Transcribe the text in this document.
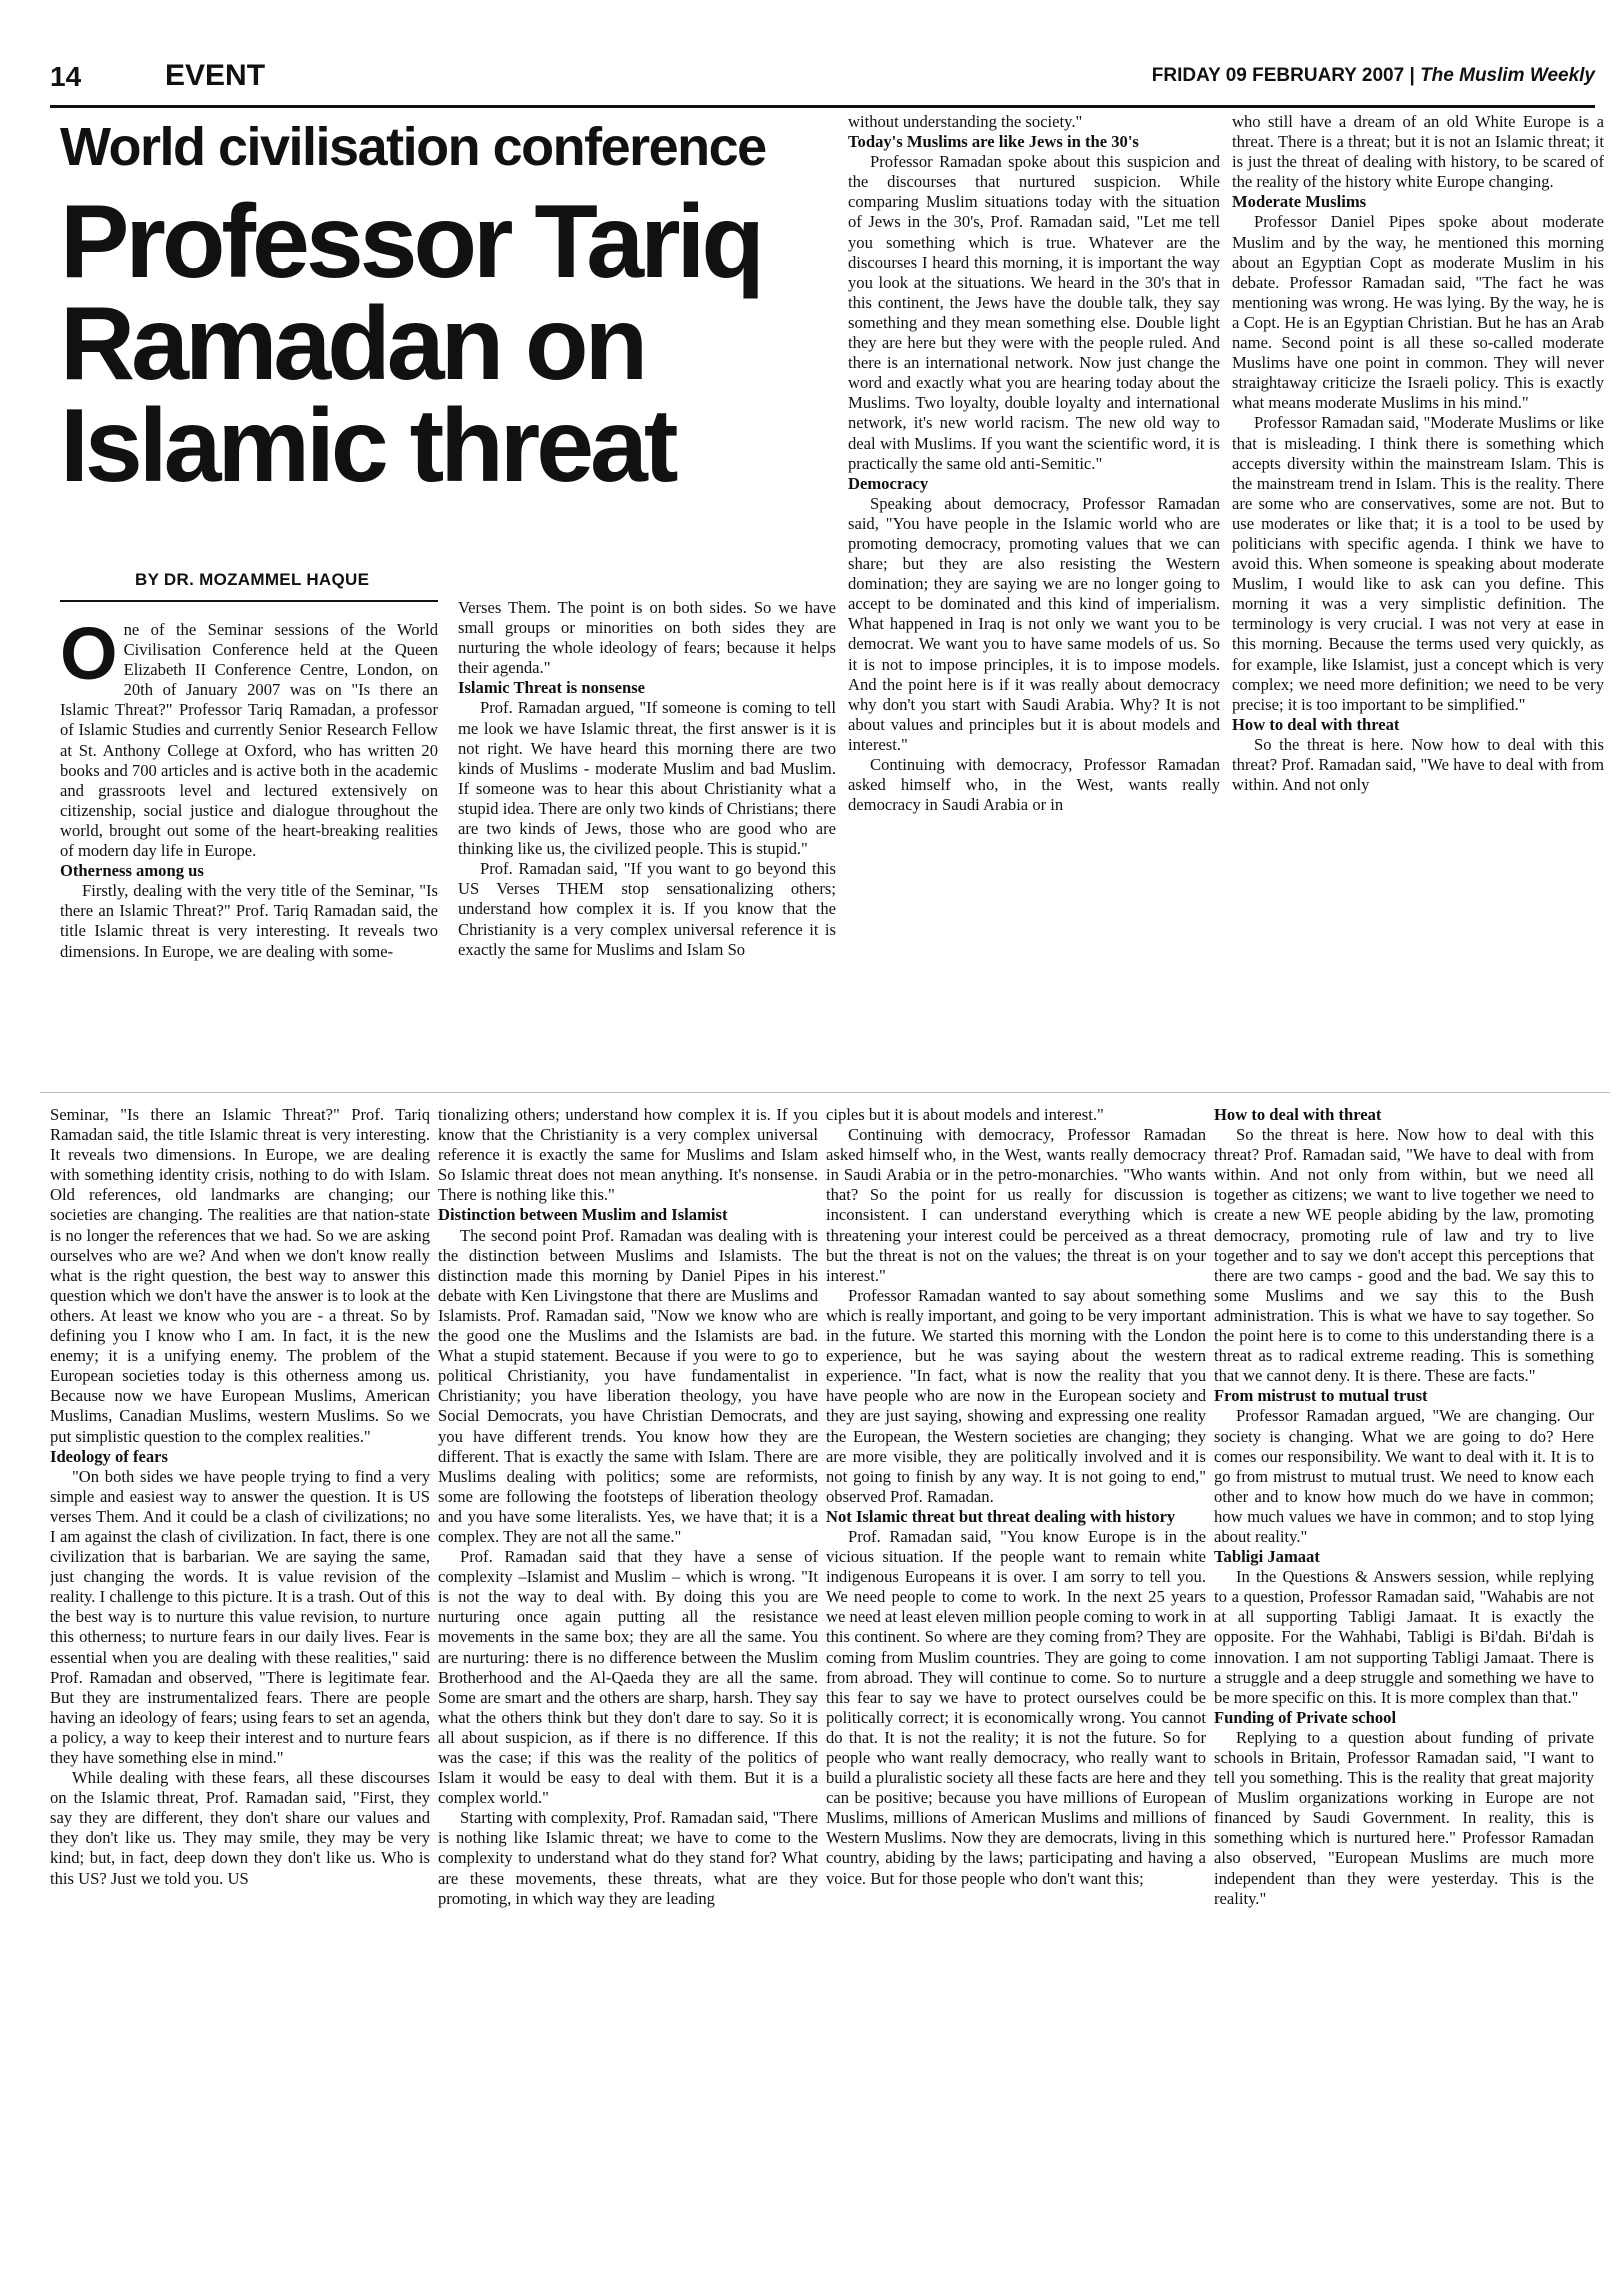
14	EVENT	FRIDAY 09 FEBRUARY 2007 | The Muslim Weekly
World civilisation conference
Professor Tariq Ramadan on Islamic threat
BY DR. MOZAMMEL HAQUE

One of the Seminar sessions of the World Civilisation Conference held at the Queen Elizabeth II Conference Centre, London, on 20th of January 2007 was on "Is there an Islamic Threat?" Professor Tariq Ramadan, a professor of Islamic Studies and currently Senior Research Fellow at St. Anthony College at Oxford, who has written 20 books and 700 articles and is active both in the academic and grassroots level and lectured extensively on citizenship, social justice and dialogue throughout the world, brought out some of the heart-breaking realities of modern day life in Europe.

Otherness among us

Firstly, dealing with the very title of the Seminar, "Is there an Islamic Threat?" Prof. Tariq Ramadan said, the title Islamic threat is very interesting. It reveals two dimensions. In Europe, we are dealing with some-

Verses Them. The point is on both sides. So we have small groups or minorities on both sides they are nurturing the whole ideology of fears; because it helps their agenda."

Islamic Threat is nonsense

Prof. Ramadan argued, "If someone is coming to tell me look we have Islamic threat, the first answer is it is not right. We have heard this morning there are two kinds of Muslims - moderate Muslim and bad Muslim. If someone was to hear this about Christianity what a stupid idea. There are only two kinds of Christians; there are two kinds of Jews, those who are good who are thinking like us, the civilized people. This is stupid."

Prof. Ramadan said, "If you want to go beyond this US Verses THEM stop sensationalizing others; understand how complex it is. If you know that the Christianity is a very complex universal reference it is exactly the same for Muslims and Islam So

without understanding the society."

Today's Muslims are like Jews in the 30's

Professor Ramadan spoke about this suspicion and the discourses that nurtured suspicion. While comparing Muslim situations today with the situation of Jews in the 30's, Prof. Ramadan said, "Let me tell you something which is true. Whatever are the discourses I heard this morning, it is important the way you look at the situations. We heard in the 30's that in this continent, the Jews have the double talk, they say something and they mean something else. Double light they are here but they were with the people ruled. And there is an international network. Now just change the word and exactly what you are hearing today about the Muslims. Two loyalty, double loyalty and international network, it's new world racism. The new old way to deal with Muslims. If you want the scientific word, it is practically the same old anti-Semitic."

Democracy

Speaking about democracy, Professor Ramadan said, "You have people in the Islamic world who are promoting democracy, promoting values that we can share; but they are also resisting the Western domination; they are saying we are no longer going to accept to be dominated and this kind of imperialism. What happened in Iraq is not only we want you to be democrat. We want you to have same models of us. So it is not to impose principles, it is to impose models. And the point here is if it was really about democracy why don't you start with Saudi Arabia. Why? It is not about values and principles but it is about models and interest."

Continuing with democracy, Professor Ramadan asked himself who, in the West, wants really democracy in Saudi Arabia or in

who still have a dream of an old White Europe is a threat. There is a threat; but it is not an Islamic threat; it is just the threat of dealing with history, to be scared of the reality of the history white Europe changing.

Moderate Muslims

Professor Daniel Pipes spoke about moderate Muslim and by the way, he mentioned this morning about an Egyptian Copt as moderate Muslim in his debate. Professor Ramadan said, "The fact he was mentioning was wrong. He was lying. By the way, he is a Copt. He is an Egyptian Christian. But he has an Arab name. Second point is all these so-called moderate Muslims have one point in common. They will never straightaway criticize the Israeli policy. This is exactly what means moderate Muslims in his mind."

Professor Ramadan said, "Moderate Muslims or like that is misleading. I think there is something which accepts diversity within the mainstream Islam. This is the mainstream trend in Islam. This is the reality. There are some who are conservatives, some are not. But to use moderates or like that; it is a tool to be used by politicians with specific agenda. I think we have to avoid this. When someone is speaking about moderate Muslim, I would like to ask can you define. This morning it was a very simplistic definition. The terminology is very crucial. I was not very at ease in this morning. Because the terms used very quickly, as for example, like Islamist, just a concept which is very complex; we need more definition; we need to be very precise; it is too important to be simplified."

How to deal with threat

So the threat is here. Now how to deal with this threat? Prof. Ramadan said, "We have to deal with from within. And not only

Seminar, "Is there an Islamic Threat?" Prof. Tariq Ramadan said, the title Islamic threat is very interesting. It reveals two dimensions. In Europe, we are dealing with something identity crisis, nothing to do with Islam. Old references, old landmarks are changing; our societies are changing. The realities are that nation-state is no longer the references that we had. So we are asking ourselves who are we? And when we don't know really what is the right question, the best way to answer this question which we don't have the answer is to look at the others. At least we know who you are - a threat. So by defining you I know who I am. In fact, it is the new enemy; it is a unifying enemy. The problem of the European societies today is this otherness among us. Because now we have European Muslims, American Muslims, Canadian Muslims, western Muslims. So we put simplistic question to the complex realities."

Ideology of fears

"On both sides we have people trying to find a very simple and easiest way to answer the question. It is US verses Them. And it could be a clash of civilizations; no I am against the clash of civilization. In fact, there is one civilization that is barbarian. We are saying the same, just changing the words. It is value revision of the reality. I challenge to this picture. It is a trash. Out of this the best way is to nurture this value revision, to nurture this otherness; to nurture fears in our daily lives. Fear is essential when you are dealing with these realities," said Prof. Ramadan and observed, "There is legitimate fear. But they are instrumentalized fears. There are people having an ideology of fears; using fears to set an agenda, a policy, a way to keep their interest and to nurture fears they have something else in mind."

While dealing with these fears, all these discourses on the Islamic threat, Prof. Ramadan said, "First, they say they are different, they don't share our values and they don't like us. They may smile, they may be very kind; but, in fact, deep down they don't like us. Who is this US? Just we told you. US

tionalizing others; understand how complex it is. If you know that the Christianity is a very complex universal reference it is exactly the same for Muslims and Islam So Islamic threat does not mean anything. It's nonsense. There is nothing like this."

Distinction between Muslim and Islamist

The second point Prof. Ramadan was dealing with is the distinction between Muslims and Islamists. The distinction made this morning by Daniel Pipes in his debate with Ken Livingstone that there are Muslims and Islamists. Prof. Ramadan said, "Now we know who are the good one the Muslims and the Islamists are bad. What a stupid statement. Because if you were to go to political Christianity, you have fundamentalist in Christianity; you have liberation theology, you have Social Democrats, you have Christian Democrats, and you have different trends. You know how they are different. That is exactly the same with Islam. There are Muslims dealing with politics; some are reformists, some are following the footsteps of liberation theology and you have some literalists. Yes, we have that; it is a complex. They are not all the same."

Prof. Ramadan said that they have a sense of complexity –Islamist and Muslim – which is wrong. "It is not the way to deal with. By doing this you are nurturing once again putting all the resistance movements in the same box; they are all the same. You are nurturing: there is no difference between the Muslim Brotherhood and the Al-Qaeda they are all the same. Some are smart and the others are sharp, harsh. They say what the others think but they don't dare to say. So it is all about suspicion, as if there is no difference. If this was the case; if this was the reality of the politics of Islam it would be easy to deal with them. But it is a complex world."

Starting with complexity, Prof. Ramadan said, "There is nothing like Islamic threat; we have to come to the complexity to understand what do they stand for? What are these movements, these threats, what are they promoting, in which way they are leading

ciples but it is about models and interest."

Continuing with democracy, Professor Ramadan asked himself who, in the West, wants really democracy in Saudi Arabia or in the petro-monarchies. "Who wants that? So the point for us really for discussion is inconsistent. I can understand everything which is threatening your interest could be perceived as a threat but the threat is not on the values; the threat is on your interest."

Professor Ramadan wanted to say about something which is really important, and going to be very important in the future. We started this morning with the London experience, but he was saying about the western experience. "In fact, what is now the reality that you have people who are now in the European society and they are just saying, showing and expressing one reality the European, the Western societies are changing; they are more visible, they are politically involved and it is not going to finish by any way. It is not going to end," observed Prof. Ramadan.

Not Islamic threat but threat dealing with history

Prof. Ramadan said, "You know Europe is in the vicious situation. If the people want to remain white indigenous Europeans it is over. I am sorry to tell you. We need people to come to work. In the next 25 years we need at least eleven million people coming to work in this continent. So where are they coming from? They are coming from Muslim countries. They are going to come from abroad. They will continue to come. So to nurture this fear to say we have to protect ourselves could be politically correct; it is economically wrong. You cannot do that. It is not the reality; it is not the future. So for people who want really democracy, who really want to build a pluralistic society all these facts are here and they can be positive; because you have millions of European Muslims, millions of American Muslims and millions of Western Muslims. Now they are democrats, living in this country, abiding by the laws; participating and having a voice. But for those people who don't want this;

How to deal with threat

So the threat is here. Now how to deal with this threat? Prof. Ramadan said, "We have to deal with from within. And not only from within, but we need all together as citizens; we want to live together we need to create a new WE people abiding by the law, promoting democracy, promoting rule of law and try to live together and to say we don't accept this perceptions that there are two camps - good and the bad. We say this to some Muslims and we say this to the Bush administration. This is what we have to say together. So the point here is to come to this understanding there is a threat as to radical extreme reading. This is something that we cannot deny. It is there. These are facts."

From mistrust to mutual trust

Professor Ramadan argued, "We are changing. Our society is changing. What we are going to do? Here comes our responsibility. We want to deal with it. It is to go from mistrust to mutual trust. We need to know each other and to know how much do we have in common; how much values we have in common; and to stop lying about reality."

Tabligi Jamaat

In the Questions & Answers session, while replying to a question, Professor Ramadan said, "Wahabis are not at all supporting Tabligi Jamaat. It is exactly the opposite. For the Wahhabi, Tabligi is Bi'dah. Bi'dah is innovation. I am not supporting Tabligi Jamaat. There is a struggle and a deep struggle and something we have to be more specific on this. It is more complex than that."

Funding of Private school

Replying to a question about funding of private schools in Britain, Professor Ramadan said, "I want to tell you something. This is the reality that great majority of Muslim organizations working in Europe are not financed by Saudi Government. In reality, this is something which is nurtured here." Professor Ramadan also observed, "European Muslims are much more independent than they were yesterday. This is the reality."
